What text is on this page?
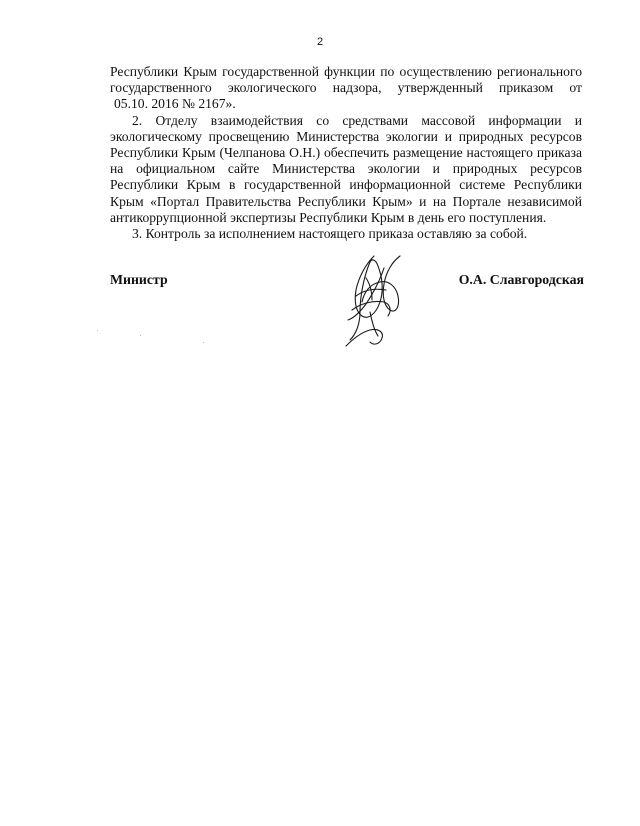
2
Республики Крым государственной функции по осуществлению регионального
государственного экологического надзора, утвержденный приказом от
05.10. 2016 № 2167».
2. Отделу взаимодействия со средствами массовой информации и
экологическому просвещению Министерства экологии и природных ресурсов
Республики Крым (Челпанова О.Н.) обеспечить размещение настоящего приказа
на официальном сайте Министерства экологии и природных ресурсов
Республики Крым в государственной информационной системе Республики
Крым «Портал Правительства Республики Крым» и на Портале независимой
антикоррупционной экспертизы Республики Крым в день его поступления.
3. Контроль за исполнением настоящего приказа оставляю за собой.
Министр	О.А. Славгородская
